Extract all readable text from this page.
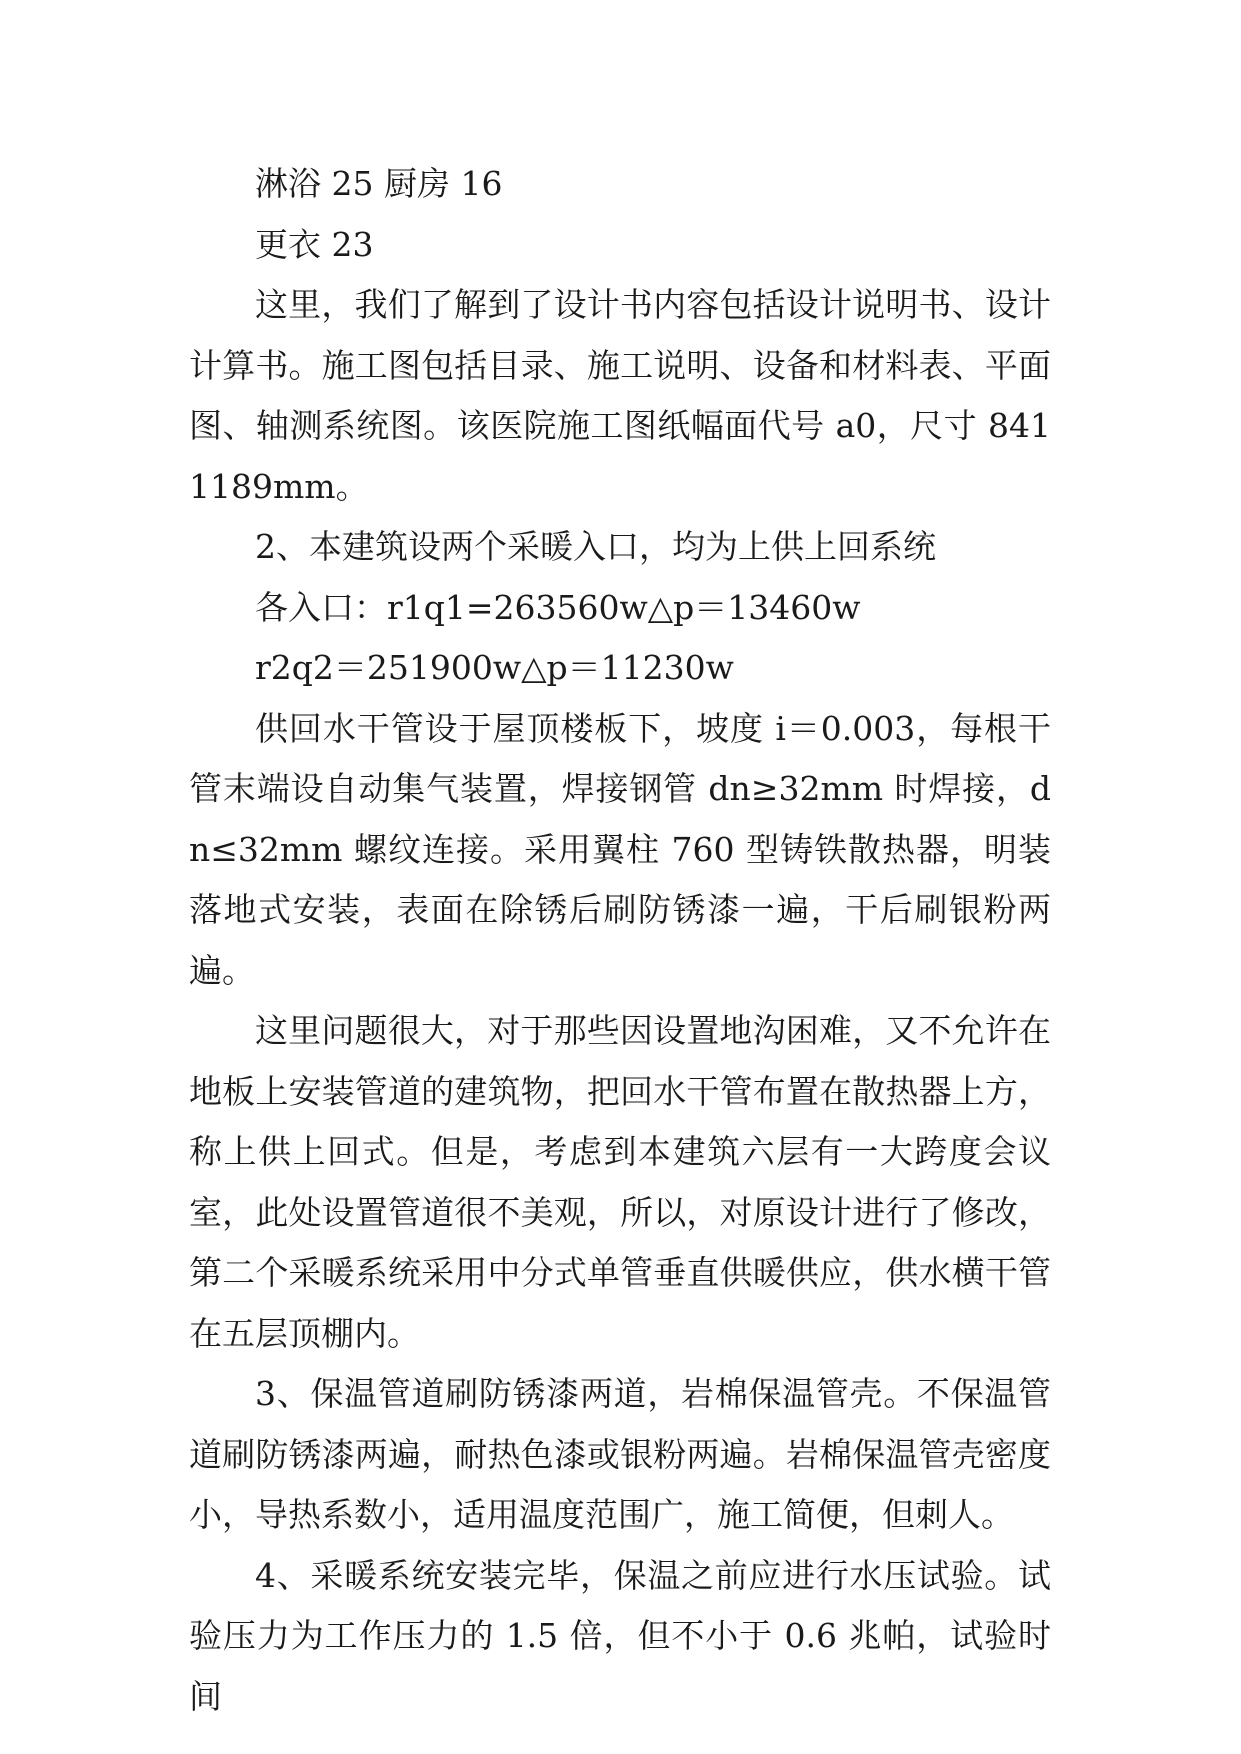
淋浴 25 厨房 16

更衣 23

这里，我们了解到了设计书内容包括设计说明书、设计计算书。施工图包括目录、施工说明、设备和材料表、平面图、轴测系统图。该医院施工图纸幅面代号 a0，尺寸 8411189mm。

2、本建筑设两个采暖入口，均为上供上回系统

各入口：r1q1=263560w△p＝13460w

r2q2＝251900w△p＝11230w

供回水干管设于屋顶楼板下，坡度 i＝0.003，每根干管末端设自动集气装置，焊接钢管 dn≥32mm 时焊接，dn≤32mm 螺纹连接。采用翼柱 760 型铸铁散热器，明装落地式安装，表面在除锈后刷防锈漆一遍，干后刷银粉两遍。

这里问题很大，对于那些因设置地沟困难，又不允许在地板上安装管道的建筑物，把回水干管布置在散热器上方，称上供上回式。但是，考虑到本建筑六层有一大跨度会议室，此处设置管道很不美观，所以，对原设计进行了修改，第二个采暖系统采用中分式单管垂直供暖供应，供水横干管在五层顶棚内。

3、保温管道刷防锈漆两道，岩棉保温管壳。不保温管道刷防锈漆两遍，耐热色漆或银粉两遍。岩棉保温管壳密度小，导热系数小，适用温度范围广，施工简便，但刺人。

4、采暖系统安装完毕，保温之前应进行水压试验。试验压力为工作压力的 1.5 倍，但不小于 0.6 兆帕，试验时间
